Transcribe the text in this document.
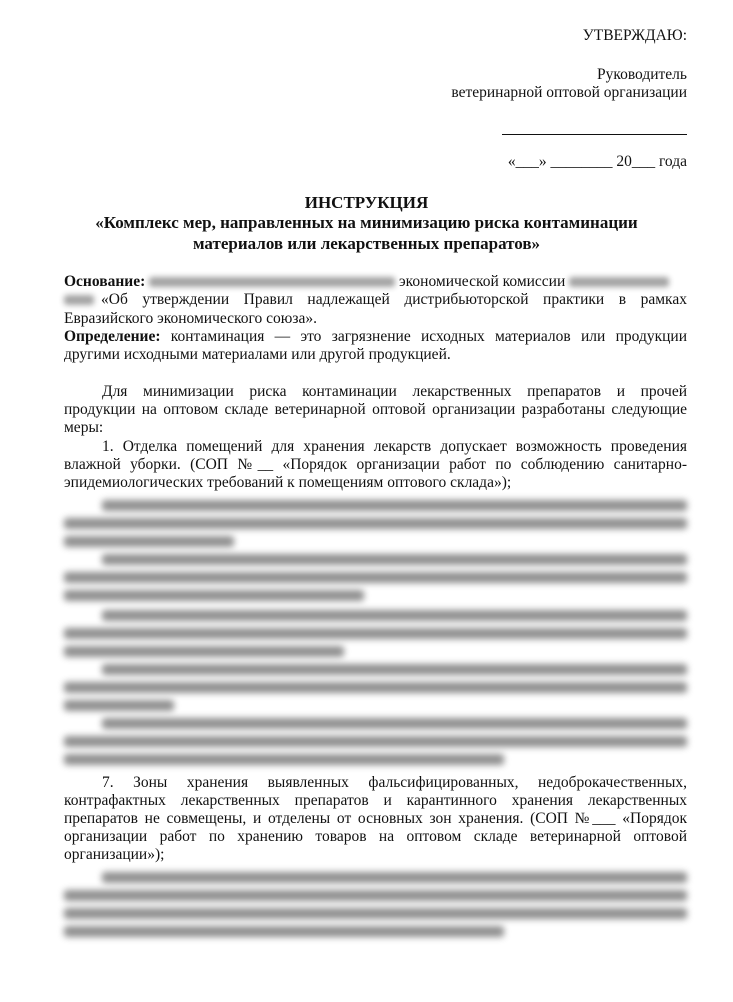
УТВЕРЖДАЮ:
Руководитель
ветеринарной оптовой организации
«___» ________ 20___ года
ИНСТРУКЦИЯ
«Комплекс мер, направленных на минимизацию риска контаминации
материалов или лекарственных препаратов»
Основание:	экономической комиссии
«Об утверждении Правил надлежащей дистрибьюторской практики в рамках
Евразийского экономического союза».
Определение: контаминация — это загрязнение исходных материалов или продукции
другими исходными материалами или другой продукцией.
Для минимизации риска контаминации лекарственных препаратов и прочей
продукции на оптовом складе ветеринарной оптовой организации разработаны следующие
меры:
1. Отделка помещений для хранения лекарств допускает возможность проведения
влажной уборки. (СОП №__ «Порядок организации работ по соблюдению санитарно-
эпидемиологических требований к помещениям оптового склада»);
7. Зоны хранения выявленных фальсифицированных, недоброкачественных,
контрафактных лекарственных препаратов и карантинного хранения лекарственных
препаратов не совмещены, и отделены от основных зон хранения. (СОП №___ «Порядок
организации работ по хранению товаров на оптовом складе ветеринарной оптовой
организации»);
